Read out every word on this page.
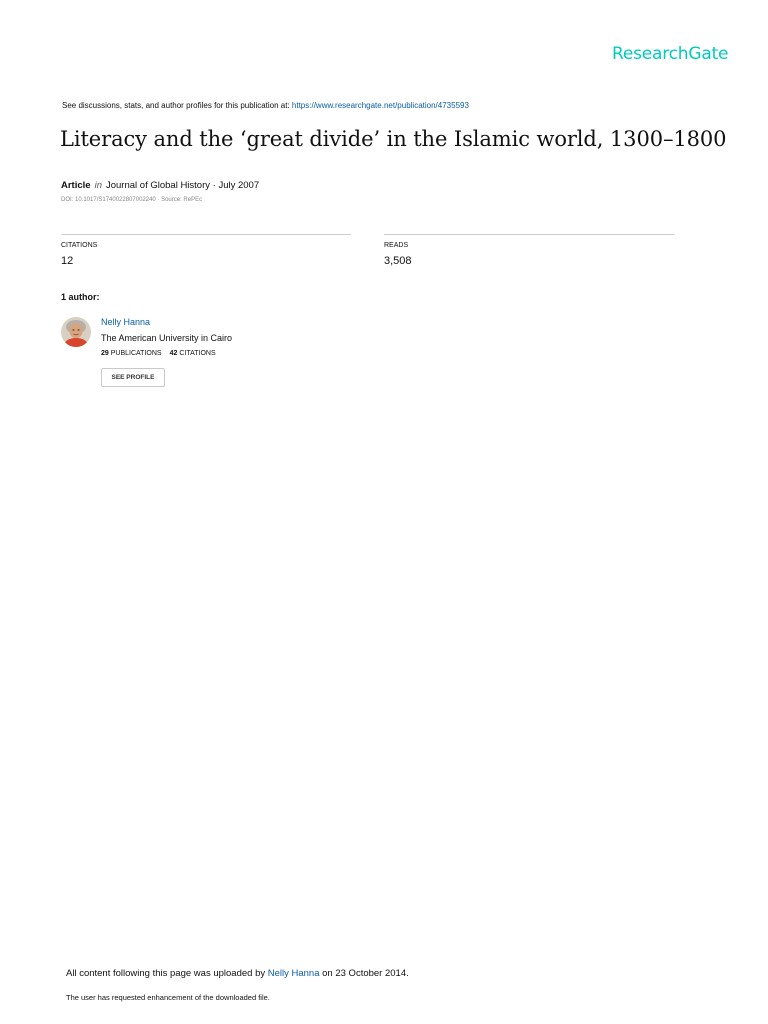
ResearchGate
See discussions, stats, and author profiles for this publication at: https://www.researchgate.net/publication/4735593
Literacy and the ‘great divide’ in the Islamic world, 1300–1800
Article in Journal of Global History · July 2007
DOI: 10.1017/S1740022807002240 · Source: RePEc
CITATIONS
12
READS
3,508
1 author:
Nelly Hanna
The American University in Cairo
29 PUBLICATIONS 42 CITATIONS
SEE PROFILE
All content following this page was uploaded by Nelly Hanna on 23 October 2014.
The user has requested enhancement of the downloaded file.
